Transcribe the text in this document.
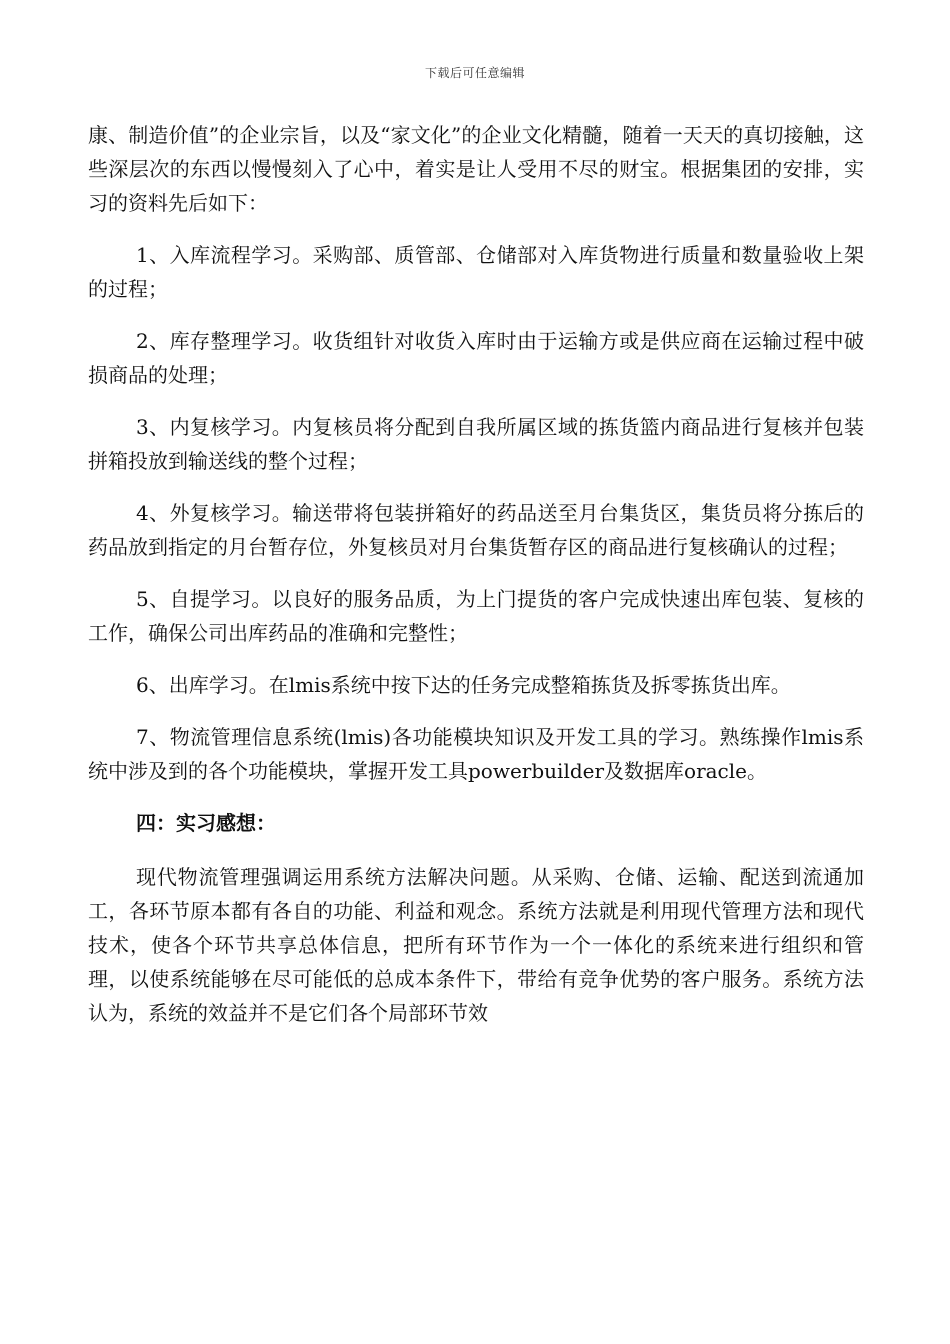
下载后可任意编辑

康、制造价值”的企业宗旨，以及“家文化”的企业文化精髓，随着一天天的真切接触，这些深层次的东西以慢慢刻入了心中，着实是让人受用不尽的财宝。根据集团的安排，实习的资料先后如下：

1、入库流程学习。采购部、质管部、仓储部对入库货物进行质量和数量验收上架的过程；

2、库存整理学习。收货组针对收货入库时由于运输方或是供应商在运输过程中破损商品的处理；

3、内复核学习。内复核员将分配到自我所属区域的拣货篮内商品进行复核并包装拼箱投放到输送线的整个过程；

4、外复核学习。输送带将包装拼箱好的药品送至月台集货区，集货员将分拣后的药品放到指定的月台暂存位，外复核员对月台集货暂存区的商品进行复核确认的过程；

5、自提学习。以良好的服务品质，为上门提货的客户完成快速出库包装、复核的工作，确保公司出库药品的准确和完整性；

6、出库学习。在lmis系统中按下达的任务完成整箱拣货及拆零拣货出库。

7、物流管理信息系统(lmis)各功能模块知识及开发工具的学习。熟练操作lmis系统中涉及到的各个功能模块，掌握开发工具powerbuilder及数据库oracle。

四：实习感想：

现代物流管理强调运用系统方法解决问题。从采购、仓储、运输、配送到流通加工，各环节原本都有各自的功能、利益和观念。系统方法就是利用现代管理方法和现代技术，使各个环节共享总体信息，把所有环节作为一个一体化的系统来进行组织和管理，以使系统能够在尽可能低的总成本条件下，带给有竞争优势的客户服务。系统方法认为，系统的效益并不是它们各个局部环节效
